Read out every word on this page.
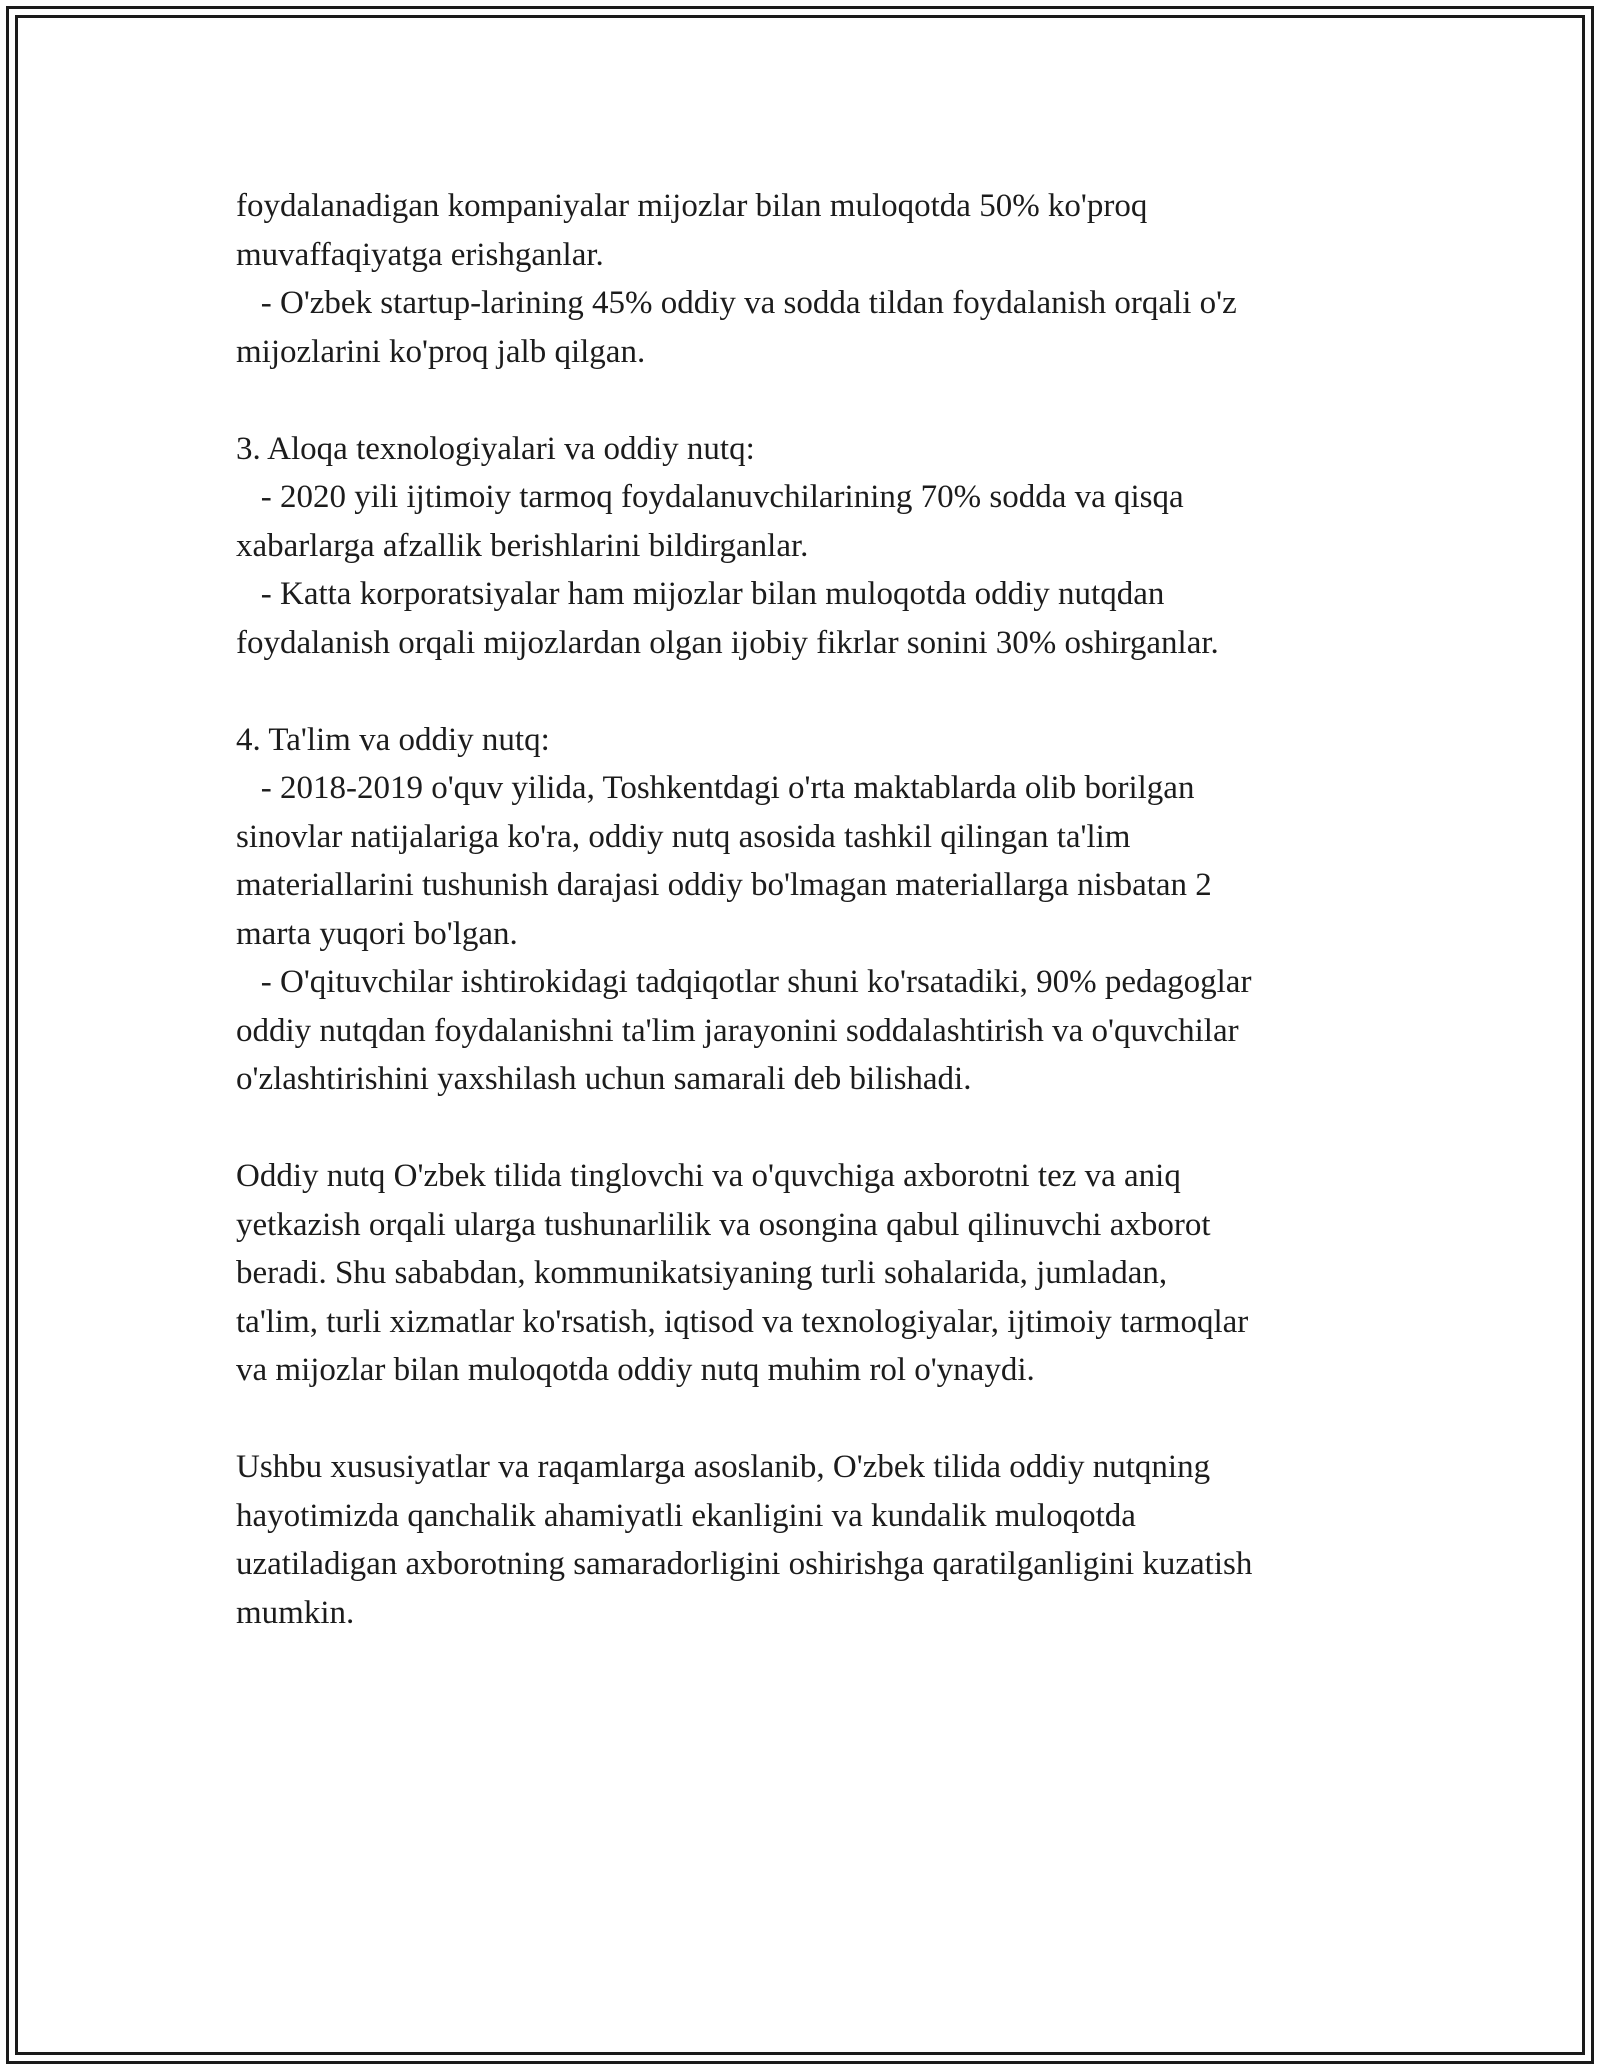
foydalanadigan kompaniyalar mijozlar bilan muloqotda 50% ko'proq
muvaffaqiyatga erishganlar.
- O'zbek startup-larining 45% oddiy va sodda tildan foydalanish orqali o'z
mijozlarini ko'proq jalb qilgan.
3. Aloqa texnologiyalari va oddiy nutq:
- 2020 yili ijtimoiy tarmoq foydalanuvchilarining 70% sodda va qisqa
xabarlarga afzallik berishlarini bildirganlar.
- Katta korporatsiyalar ham mijozlar bilan muloqotda oddiy nutqdan
foydalanish orqali mijozlardan olgan ijobiy fikrlar sonini 30% oshirganlar.
4. Ta'lim va oddiy nutq:
- 2018-2019 o'quv yilida, Toshkentdagi o'rta maktablarda olib borilgan
sinovlar natijalariga ko'ra, oddiy nutq asosida tashkil qilingan ta'lim
materiallarini tushunish darajasi oddiy bo'lmagan materiallarga nisbatan 2
marta yuqori bo'lgan.
- O'qituvchilar ishtirokidagi tadqiqotlar shuni ko'rsatadiki, 90% pedagoglar
oddiy nutqdan foydalanishni ta'lim jarayonini soddalashtirish va o'quvchilar
o'zlashtirishini yaxshilash uchun samarali deb bilishadi.
Oddiy nutq O'zbek tilida tinglovchi va o'quvchiga axborotni tez va aniq
yetkazish orqali ularga tushunarlilik va osongina qabul qilinuvchi axborot
beradi. Shu sababdan, kommunikatsiyaning turli sohalarida, jumladan,
ta'lim, turli xizmatlar ko'rsatish, iqtisod va texnologiyalar, ijtimoiy tarmoqlar
va mijozlar bilan muloqotda oddiy nutq muhim rol o'ynaydi.
Ushbu xususiyatlar va raqamlarga asoslanib, O'zbek tilida oddiy nutqning
hayotimizda qanchalik ahamiyatli ekanligini va kundalik muloqotda
uzatiladigan axborotning samaradorligini oshirishga qaratilganligini kuzatish
mumkin.
